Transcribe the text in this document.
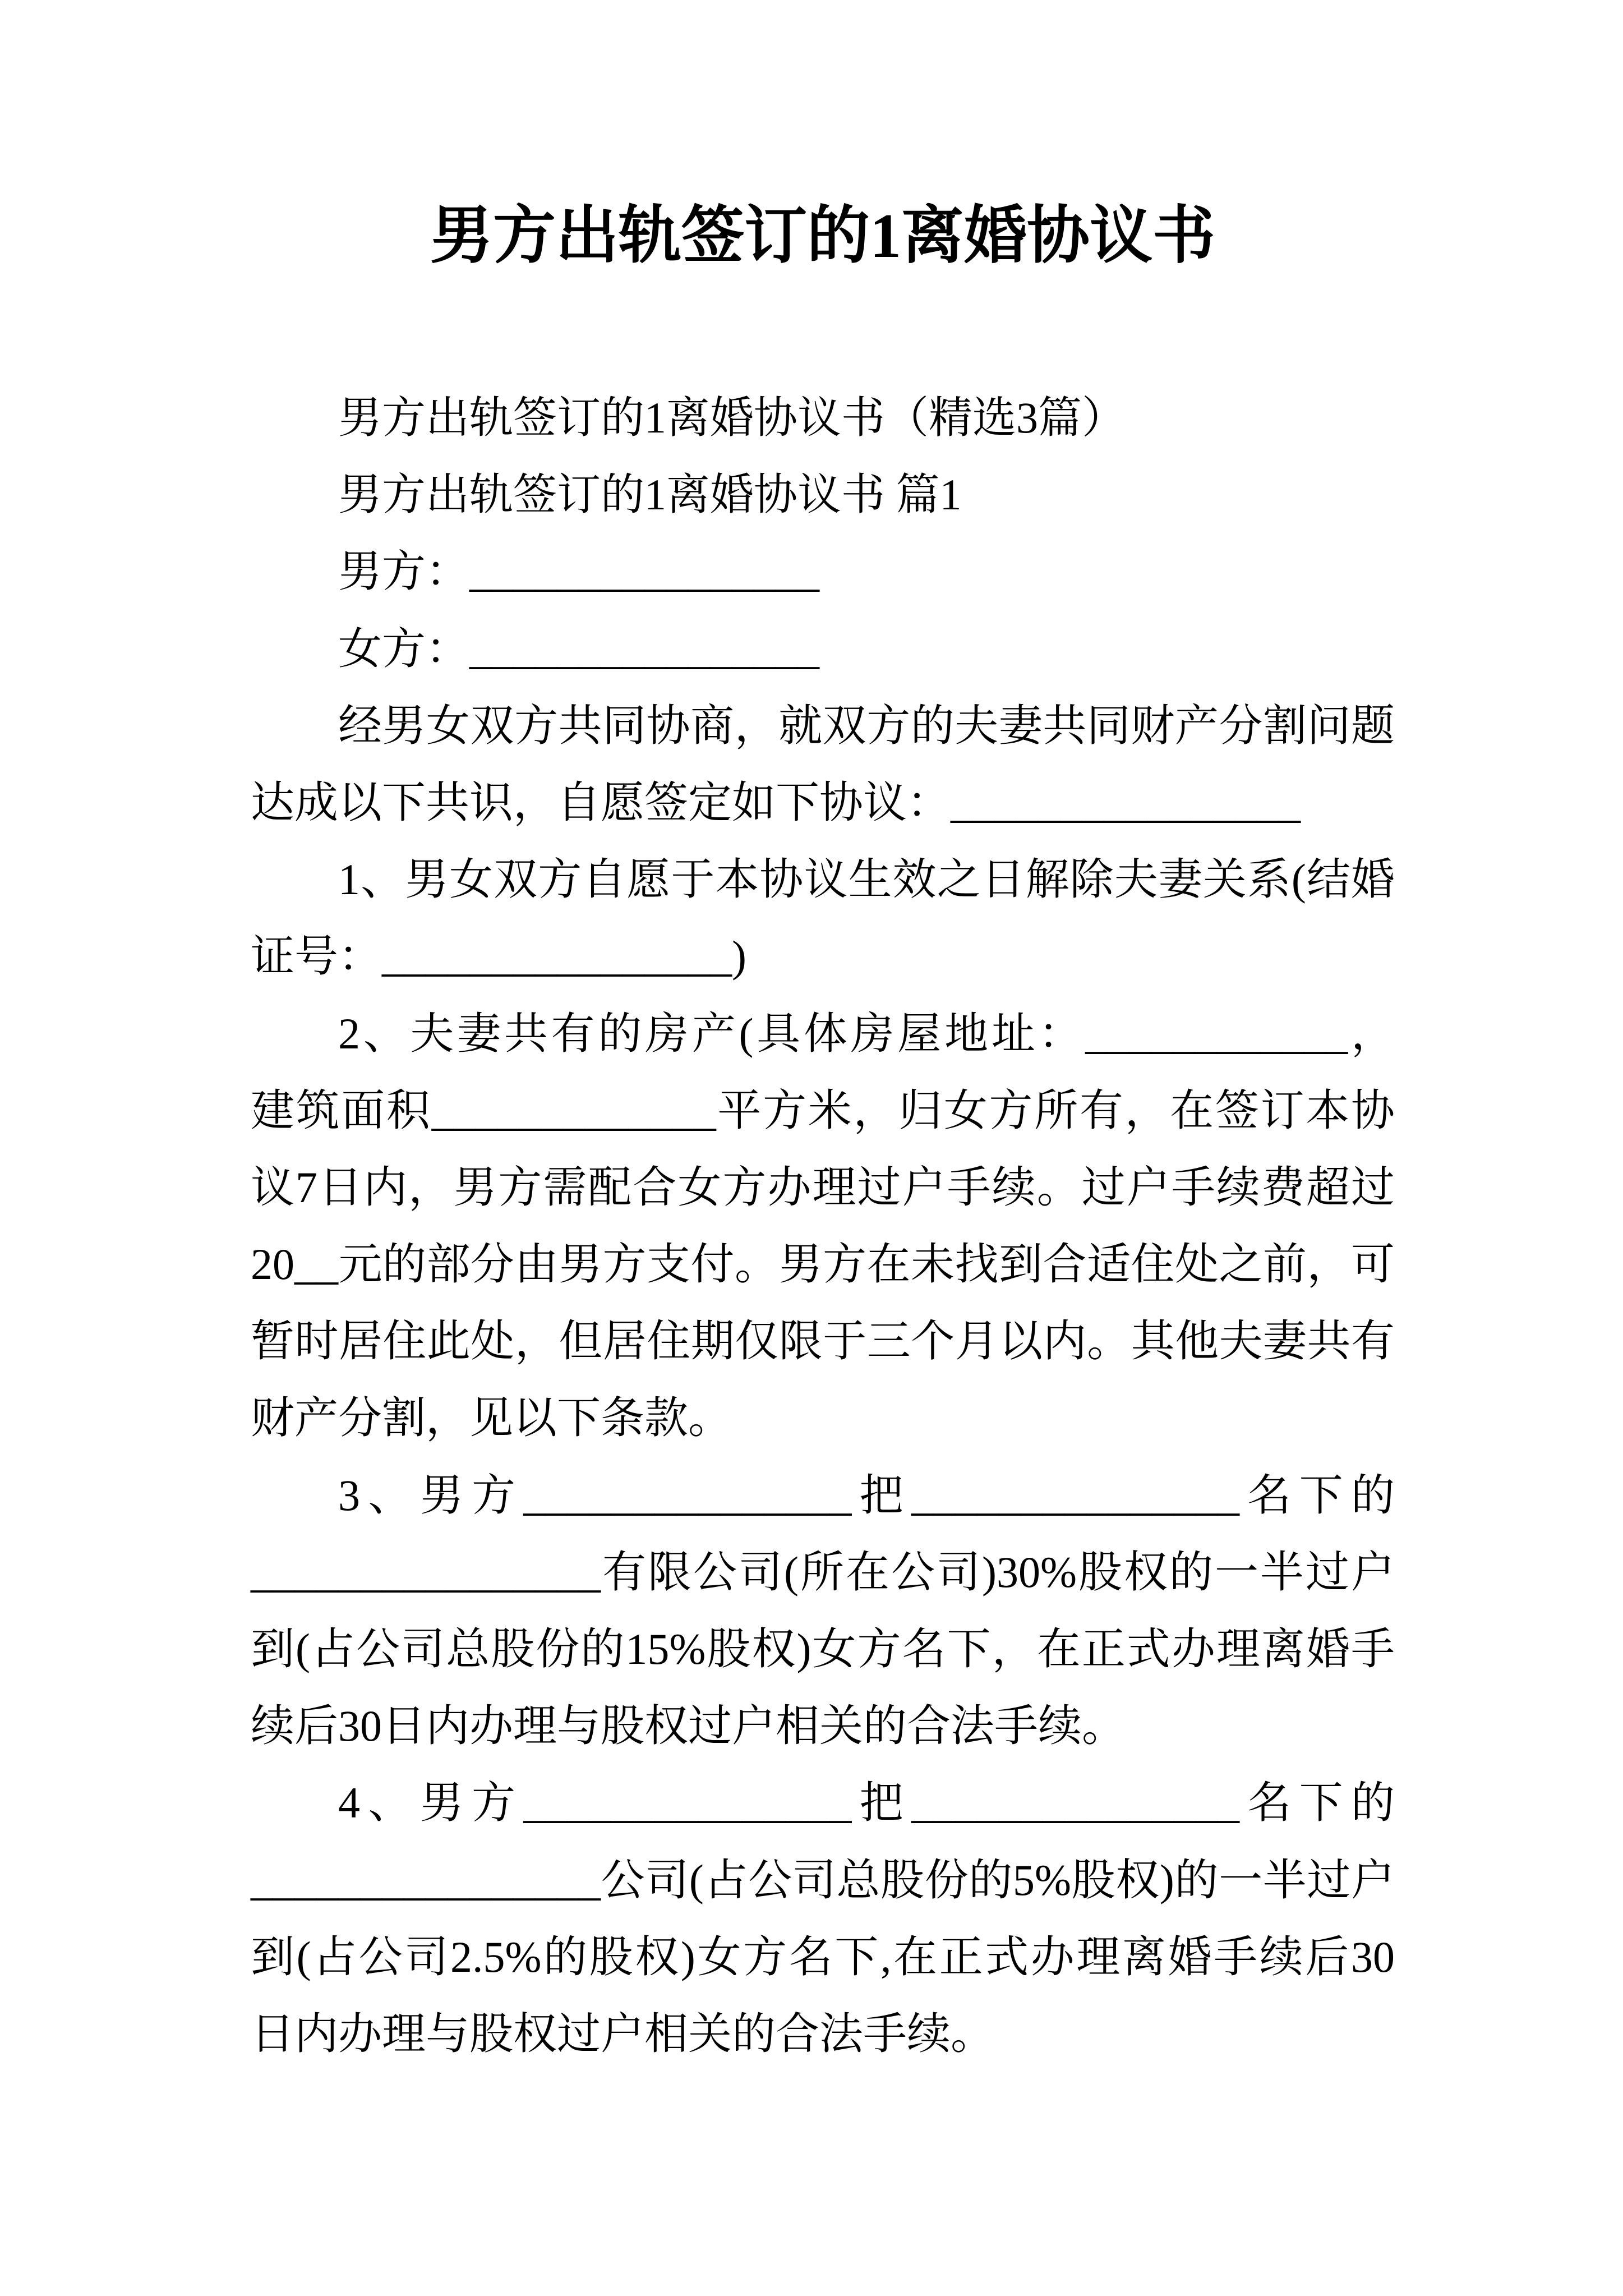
男方出轨签订的1离婚协议书
男方出轨签订的1离婚协议书（精选3篇）
男方出轨签订的1离婚协议书 篇1
男方：________________
女方：________________
经男女双方共同协商，就双方的夫妻共同财产分割问题
达成以下共识，自愿签定如下协议：________________
1、男女双方自愿于本协议生效之日解除夫妻关系(结婚
证号：________________)
2、夫妻共有的房产(具体房屋地址：____________，
建筑面积_____________平方米，归女方所有，在签订本协
议7日内，男方需配合女方办理过户手续。过户手续费超过
20__元的部分由男方支付。男方在未找到合适住处之前，可
暂时居住此处，但居住期仅限于三个月以内。其他夫妻共有
财产分割，见以下条款。
3、男方_______________把_______________名下的
________________有限公司(所在公司)30%股权的一半过户
到(占公司总股份的15%股权)女方名下，在正式办理离婚手
续后30日内办理与股权过户相关的合法手续。
4、男方_______________把_______________名下的
________________公司(占公司总股份的5%股权)的一半过户
到(占公司2.5%的股权)女方名下,在正式办理离婚手续后30
日内办理与股权过户相关的合法手续。
